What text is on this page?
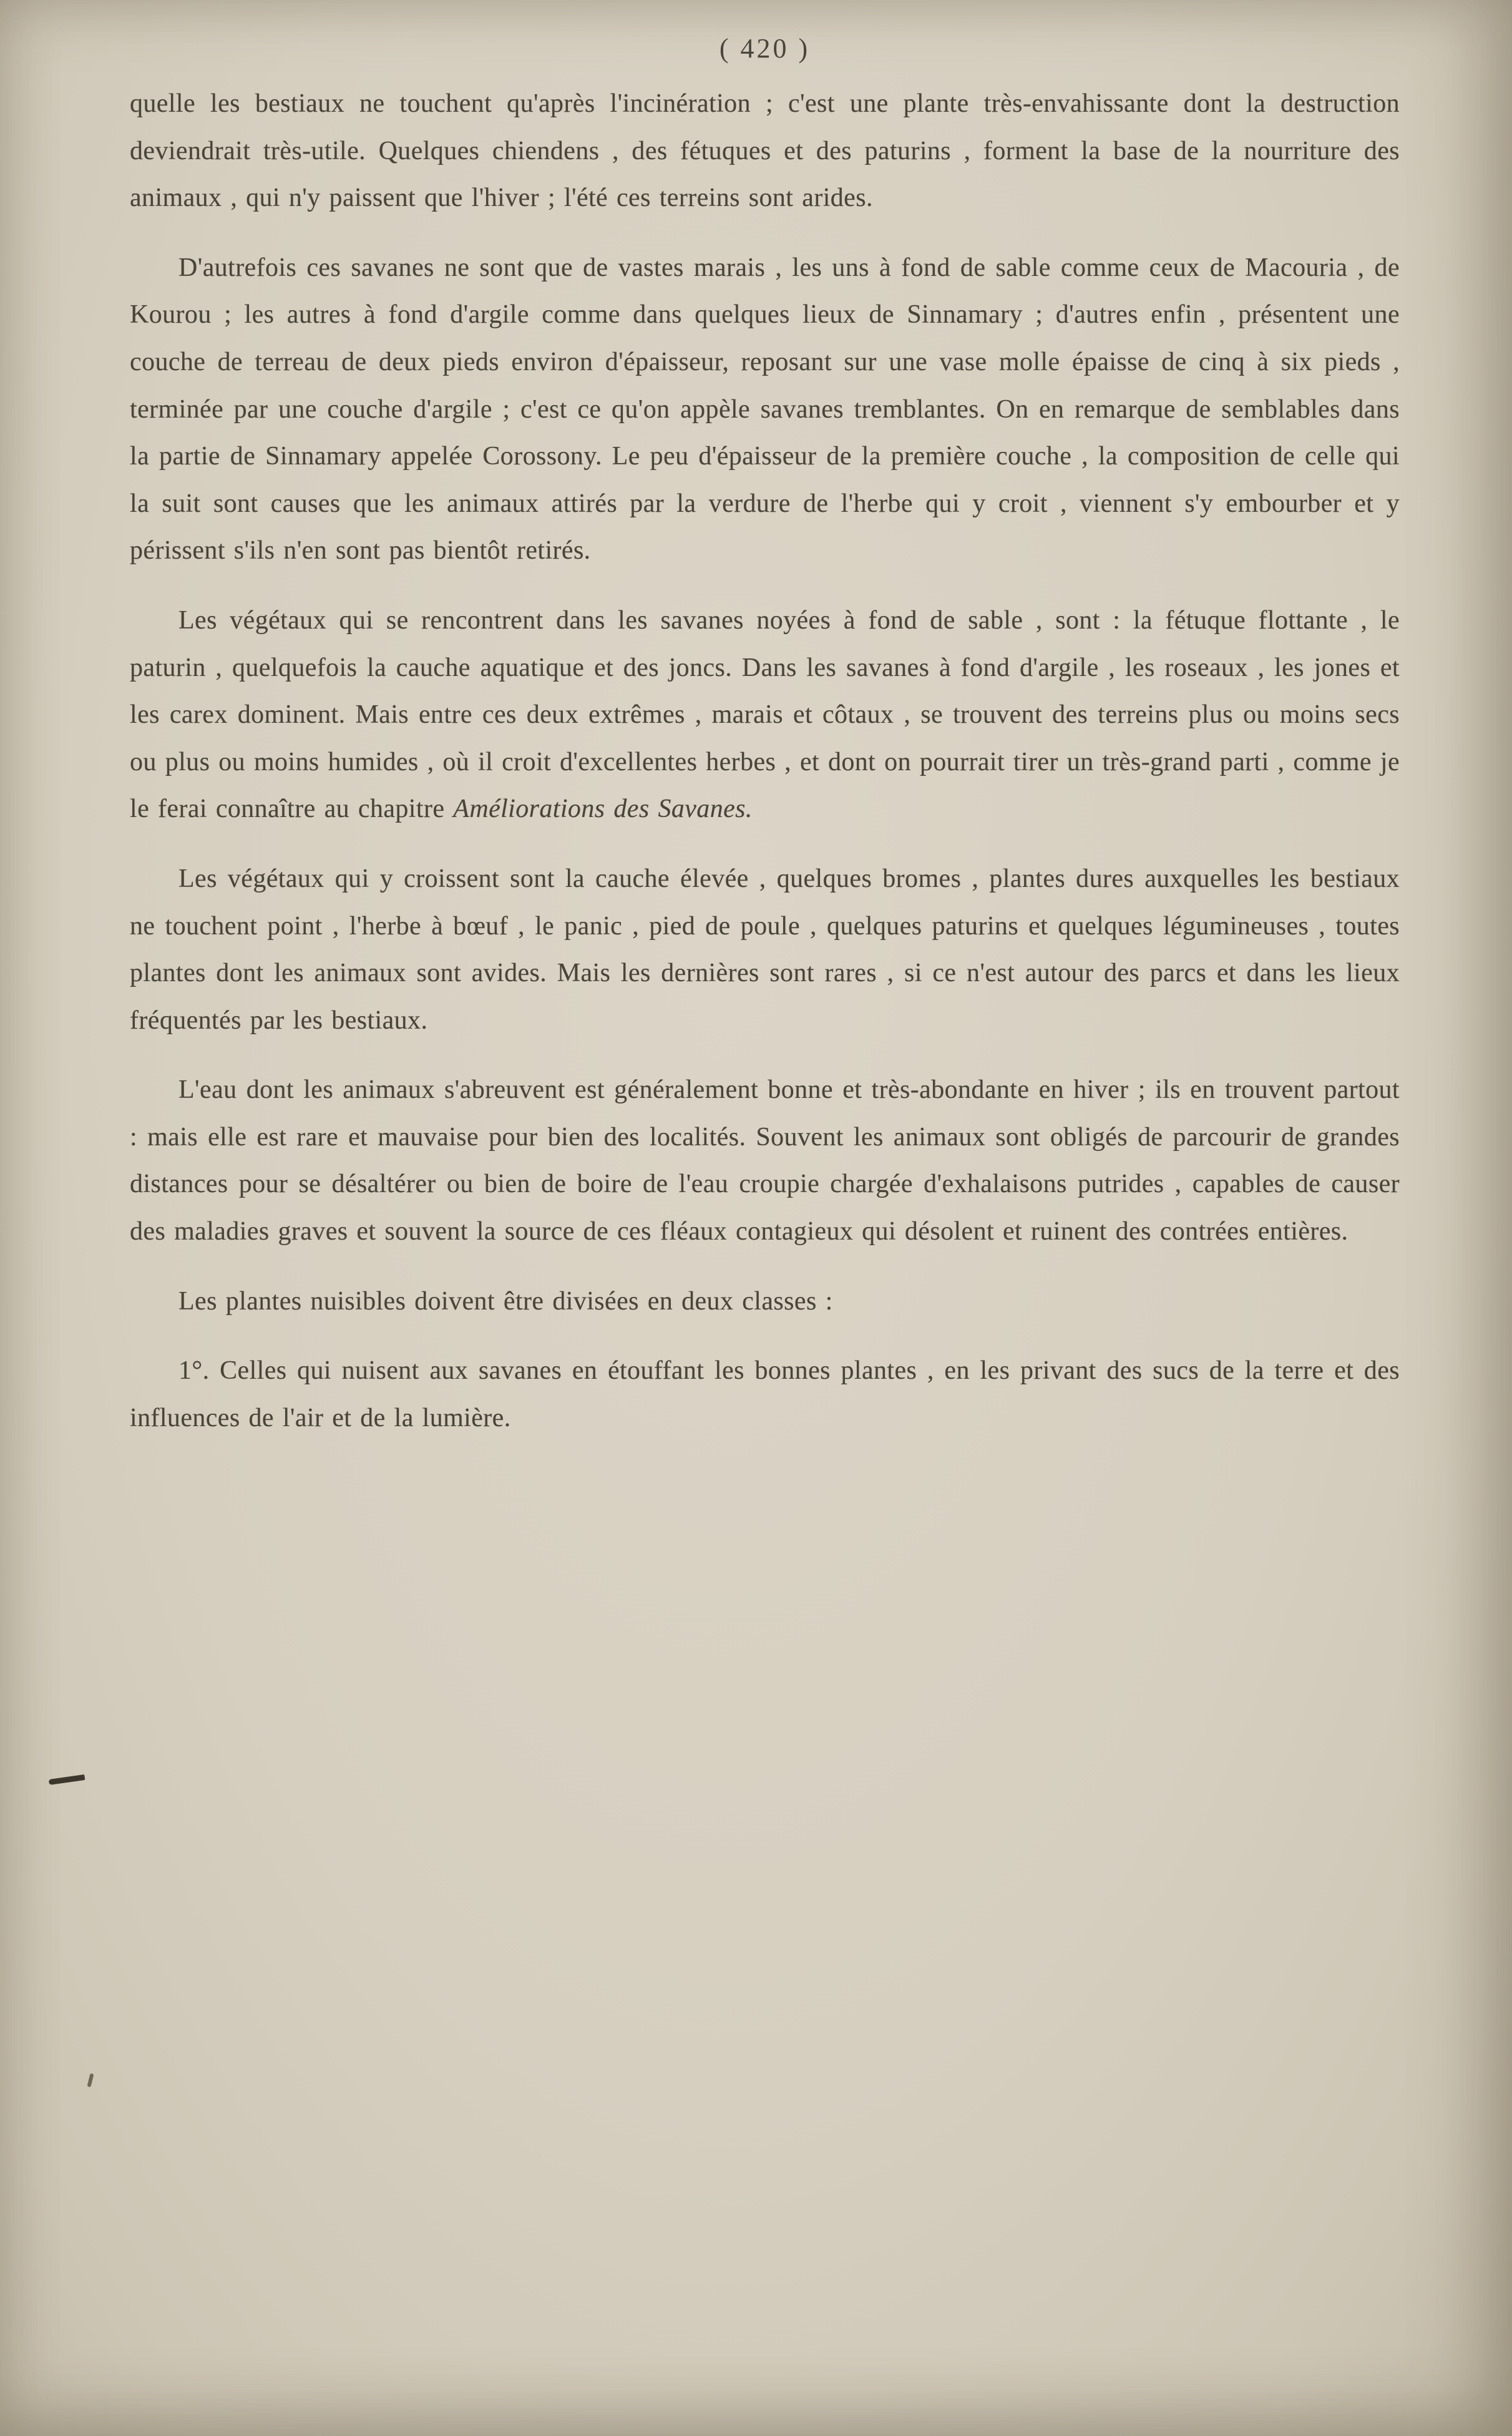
( 420 )

quelle les bestiaux ne touchent qu'après l'incinération ; c'est une plante très-envahissante dont la destruction deviendrait très-utile. Quelques chiendens , des fétuques et des paturins , forment la base de la nourriture des animaux , qui n'y paissent que l'hiver ; l'été ces terreins sont arides.

D'autrefois ces savanes ne sont que de vastes marais , les uns à fond de sable comme ceux de Macouria , de Kourou ; les autres à fond d'argile comme dans quelques lieux de Sinnamary ; d'autres enfin , présentent une couche de terreau de deux pieds environ d'épaisseur, reposant sur une vase molle épaisse de cinq à six pieds , terminée par une couche d'argile ; c'est ce qu'on appèle savanes tremblantes. On en remarque de semblables dans la partie de Sinnamary appelée Corossony. Le peu d'épaisseur de la première couche , la composition de celle qui la suit sont causes que les animaux attirés par la verdure de l'herbe qui y croit , viennent s'y embourber et y périssent s'ils n'en sont pas bientôt retirés.

Les végétaux qui se rencontrent dans les savanes noyées à fond de sable , sont : la fétuque flottante , le paturin , quelquefois la cauche aquatique et des joncs. Dans les savanes à fond d'argile , les roseaux , les jones et les carex dominent. Mais entre ces deux extrêmes , marais et côtaux , se trouvent des terreins plus ou moins secs ou plus ou moins humides , où il croit d'excellentes herbes , et dont on pourrait tirer un très-grand parti , comme je le ferai connaître au chapitre Améliorations des Savanes.

Les végétaux qui y croissent sont la cauche élevée , quelques bromes , plantes dures auxquelles les bestiaux ne touchent point , l'herbe à bœuf , le panic , pied de poule , quelques paturins et quelques légumineuses , toutes plantes dont les animaux sont avides. Mais les dernières sont rares , si ce n'est autour des parcs et dans les lieux fréquentés par les bestiaux.

L'eau dont les animaux s'abreuvent est généralement bonne et très-abondante en hiver ; ils en trouvent partout : mais elle est rare et mauvaise pour bien des localités. Souvent les animaux sont obligés de parcourir de grandes distances pour se désaltérer ou bien de boire de l'eau croupie chargée d'exhalaisons putrides , capables de causer des maladies graves et souvent la source de ces fléaux contagieux qui désolent et ruinent des contrées entières.

Les plantes nuisibles doivent être divisées en deux classes :

1°. Celles qui nuisent aux savanes en étouffant les bonnes plantes , en les privant des sucs de la terre et des influences de l'air et de la lumière.
